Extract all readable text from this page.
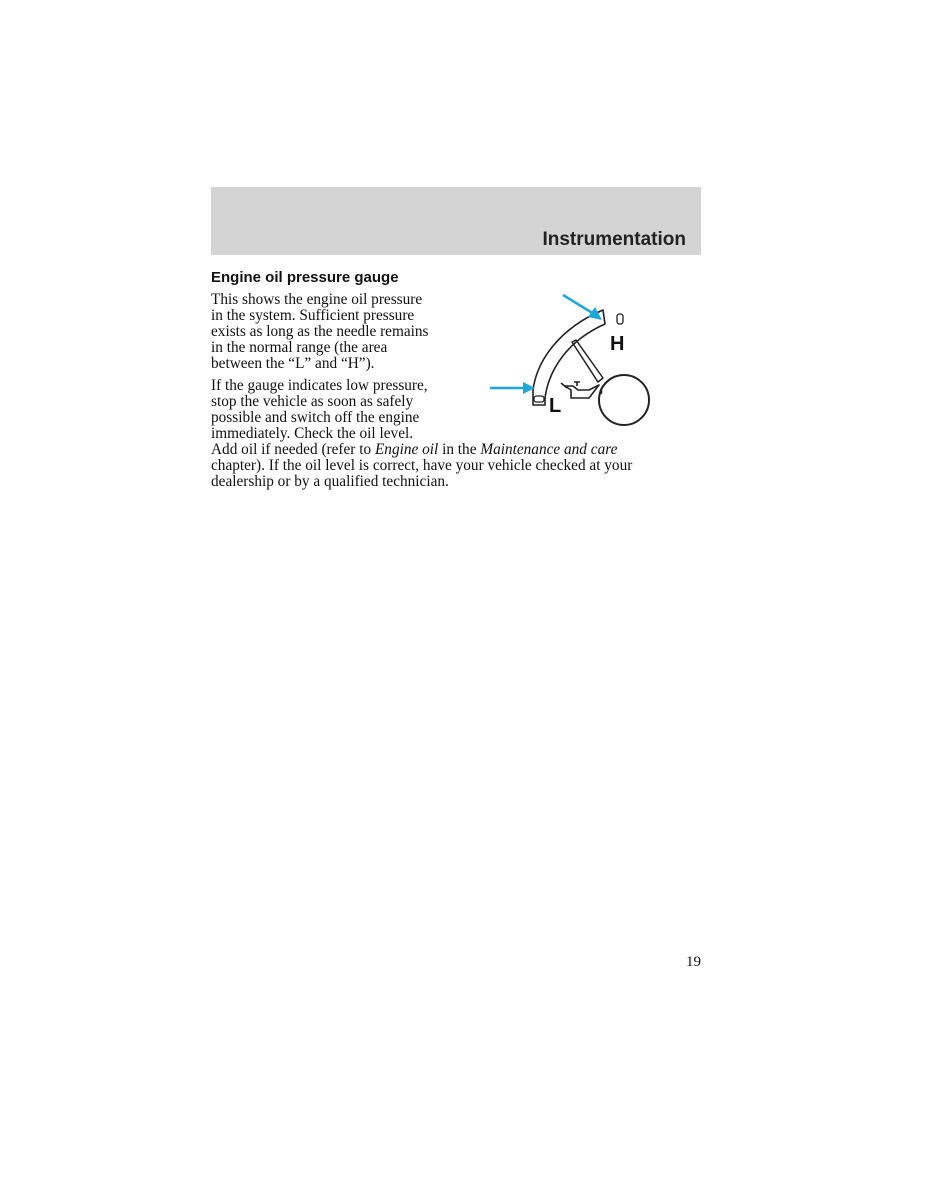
Instrumentation
Engine oil pressure gauge
This shows the engine oil pressure
in the system. Sufficient pressure
exists as long as the needle remains
in the normal range (the area
between the “L” and “H”).
If the gauge indicates low pressure,
stop the vehicle as soon as safely
possible and switch off the engine
immediately. Check the oil level.
Add oil if needed (refer to Engine oil in the Maintenance and care
chapter). If the oil level is correct, have your vehicle checked at your
dealership or by a qualified technician.
H
L
19
